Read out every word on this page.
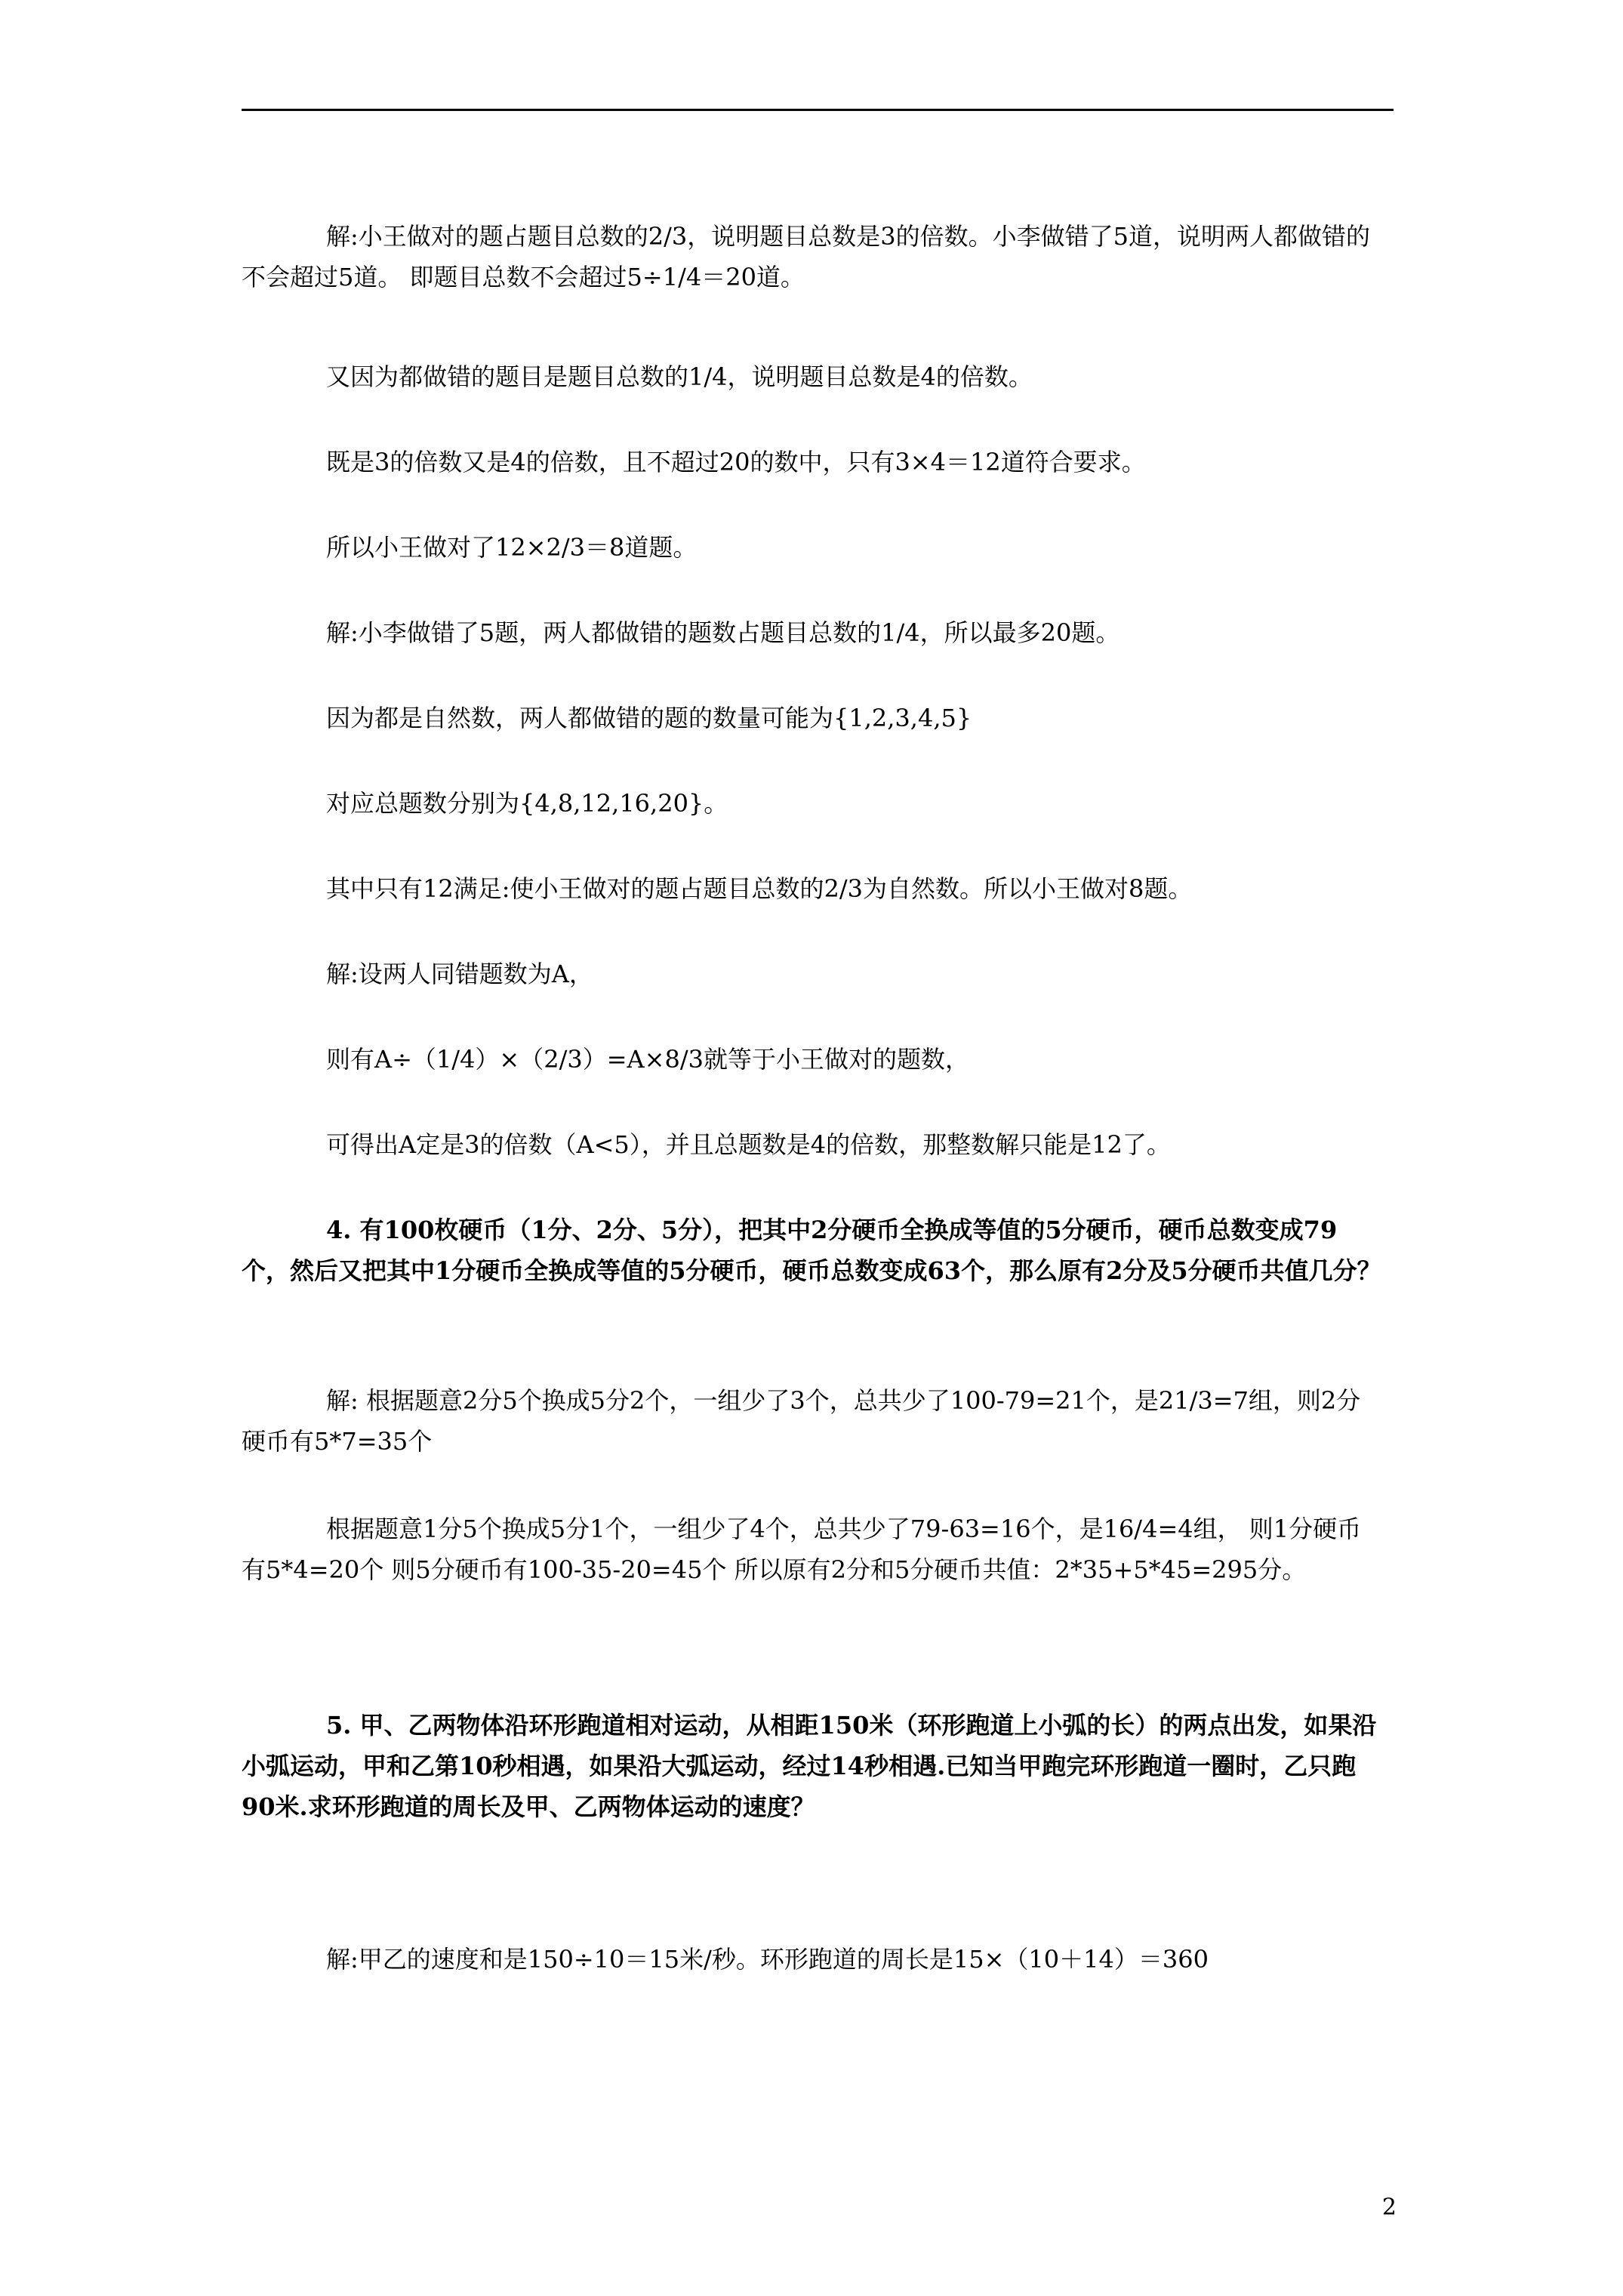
解:小王做对的题占题目总数的2/3，说明题目总数是3的倍数。小李做错了5道，说明两人都做错的不会超过5道。 即题目总数不会超过5÷1/4＝20道。

又因为都做错的题目是题目总数的1/4，说明题目总数是4的倍数。

既是3的倍数又是4的倍数，且不超过20的数中，只有3×4＝12道符合要求。

所以小王做对了12×2/3＝8道题。

解:小李做错了5题，两人都做错的题数占题目总数的1/4，所以最多20题。

因为都是自然数，两人都做错的题的数量可能为{1,2,3,4,5}

对应总题数分别为{4,8,12,16,20}。

其中只有12满足:使小王做对的题占题目总数的2/3为自然数。所以小王做对8题。

解:设两人同错题数为A，

则有A÷（1/4）×（2/3）=A×8/3就等于小王做对的题数，

可得出A定是3的倍数（A<5），并且总题数是4的倍数，那整数解只能是12了。

4. 有100枚硬币（1分、2分、5分），把其中2分硬币全换成等值的5分硬币，硬币总数变成79个，然后又把其中1分硬币全换成等值的5分硬币，硬币总数变成63个，那么原有2分及5分硬币共值几分？

解: 根据题意2分5个换成5分2个，一组少了3个，总共少了100-79=21个，是21/3=7组，则2分硬币有5*7=35个

根据题意1分5个换成5分1个，一组少了4个，总共少了79-63=16个，是16/4=4组， 则1分硬币有5*4=20个 则5分硬币有100-35-20=45个 所以原有2分和5分硬币共值：2*35+5*45=295分。

5. 甲、乙两物体沿环形跑道相对运动，从相距150米（环形跑道上小弧的长）的两点出发，如果沿小弧运动，甲和乙第10秒相遇，如果沿大弧运动，经过14秒相遇.已知当甲跑完环形跑道一圈时，乙只跑90米.求环形跑道的周长及甲、乙两物体运动的速度？

解:甲乙的速度和是150÷10＝15米/秒。环形跑道的周长是15×（10＋14）＝360

2
